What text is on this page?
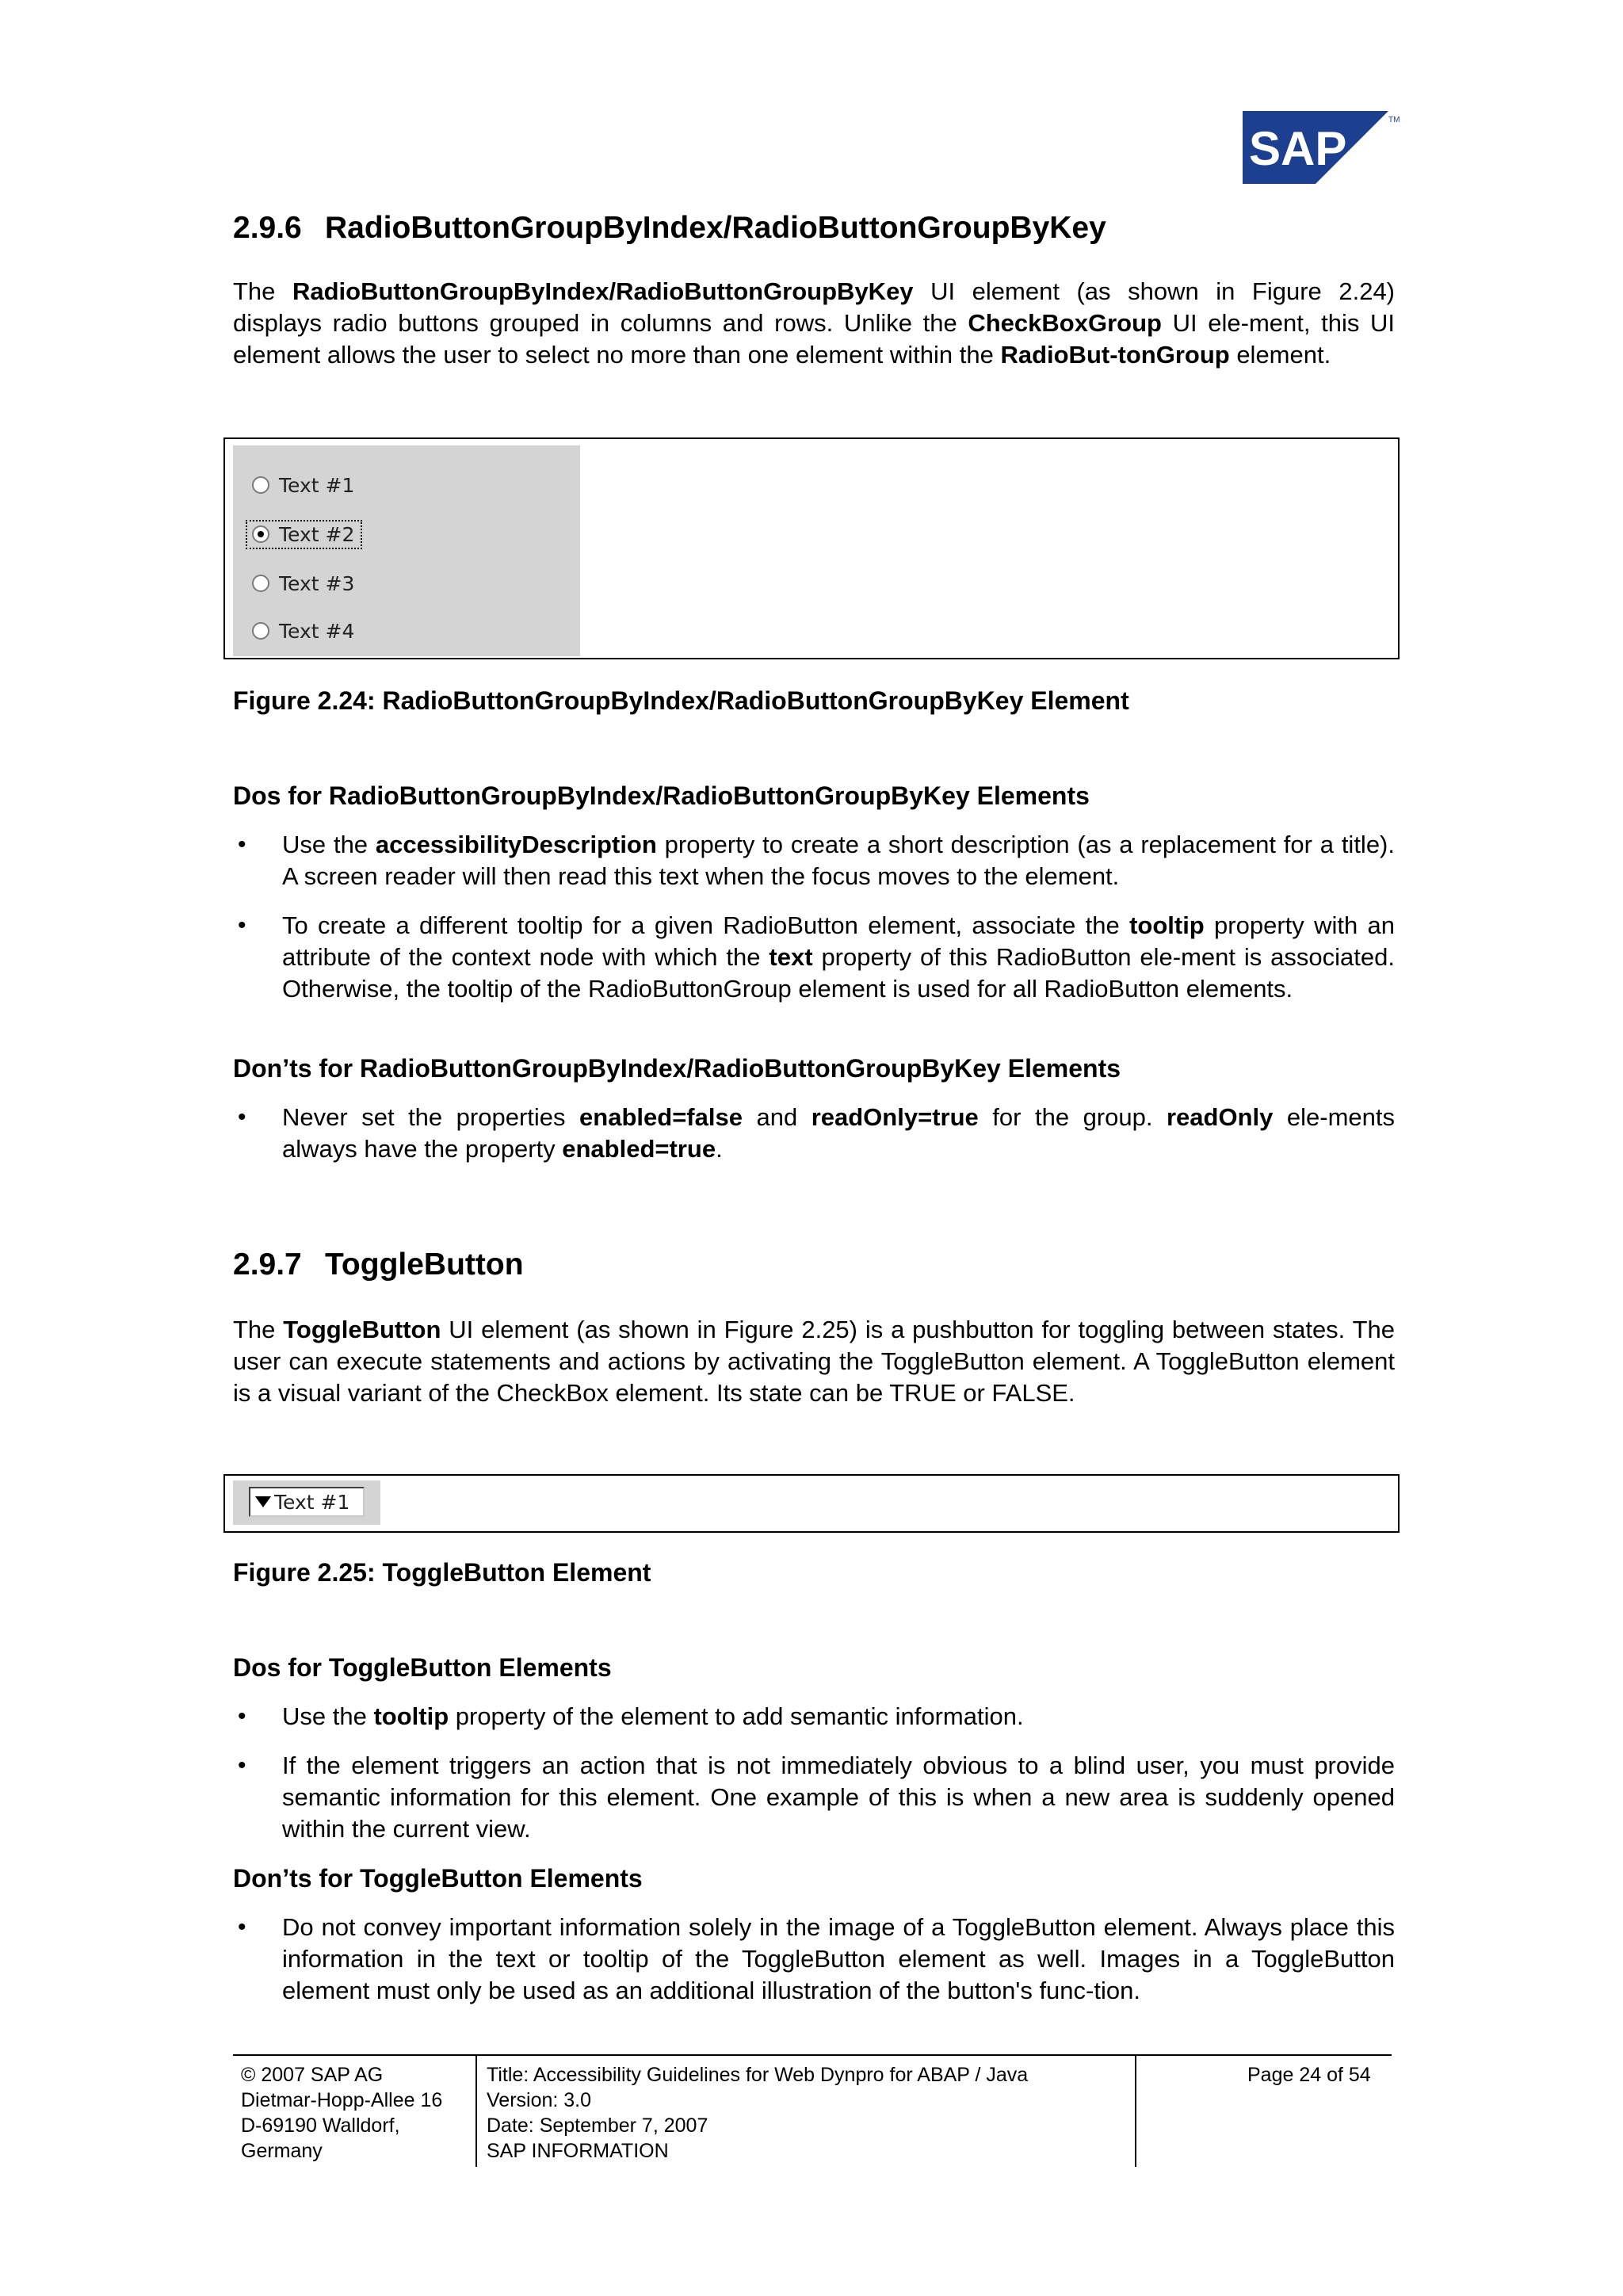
SAP
TM
2.9.6 RadioButtonGroupByIndex/RadioButtonGroupByKey

The RadioButtonGroupByIndex/RadioButtonGroupByKey UI element (as shown in Figure 2.24) displays radio buttons grouped in columns and rows. Unlike the CheckBoxGroup UI ele-ment, this UI element allows the user to select no more than one element within the RadioBut-tonGroup element.

Text #1
Text #2
Text #3
Text #4

Figure 2.24: RadioButtonGroupByIndex/RadioButtonGroupByKey Element

Dos for RadioButtonGroupByIndex/RadioButtonGroupByKey Elements

• Use the accessibilityDescription property to create a short description (as a replacement for a title). A screen reader will then read this text when the focus moves to the element.
• To create a different tooltip for a given RadioButton element, associate the tooltip property with an attribute of the context node with which the text property of this RadioButton ele-ment is associated. Otherwise, the tooltip of the RadioButtonGroup element is used for all RadioButton elements.

Don’ts for RadioButtonGroupByIndex/RadioButtonGroupByKey Elements

• Never set the properties enabled=false and readOnly=true for the group. readOnly ele-ments always have the property enabled=true.
2.9.7 ToggleButton

The ToggleButton UI element (as shown in Figure 2.25) is a pushbutton for toggling between states. The user can execute statements and actions by activating the ToggleButton element. A ToggleButton element is a visual variant of the CheckBox element. Its state can be TRUE or FALSE.

Text #1

Figure 2.25: ToggleButton Element

Dos for ToggleButton Elements

• Use the tooltip property of the element to add semantic information.
• If the element triggers an action that is not immediately obvious to a blind user, you must provide semantic information for this element. One example of this is when a new area is suddenly opened within the current view.

Don’ts for ToggleButton Elements

• Do not convey important information solely in the image of a ToggleButton element. Always place this information in the text or tooltip of the ToggleButton element as well. Images in a ToggleButton element must only be used as an additional illustration of the button's func-tion.
© 2007 SAP AG
Dietmar-Hopp-Allee 16
D-69190 Walldorf,
Germany
Title: Accessibility Guidelines for Web Dynpro for ABAP / Java
Version: 3.0
Date: September 7, 2007
SAP INFORMATION
Page 24 of 54
